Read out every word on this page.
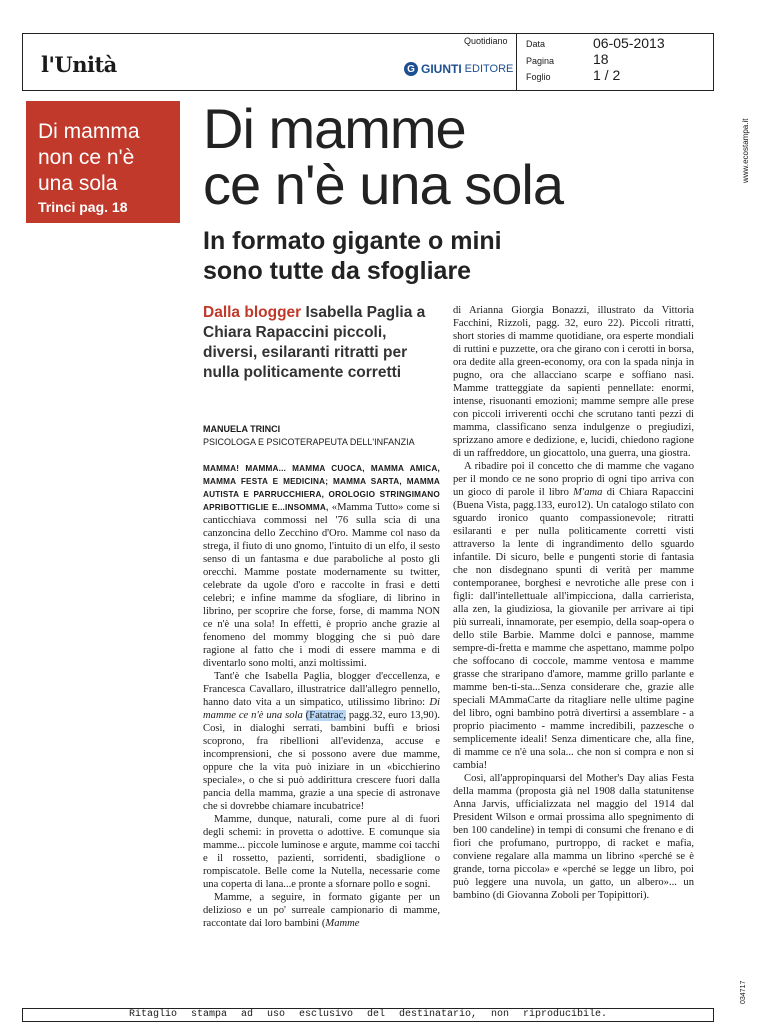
l'Unità
Quotidiano
G GIUNTI EDITORE
Data	06-05-2013
Pagina	18
Foglio	1 / 2
www.ecostampa.it
034717
Di mamma non ce n'è una sola
Trinci pag. 18
Di mamme
ce n'è una sola
In formato gigante o mini
sono tutte da sfogliare
Dalla blogger Isabella Paglia a Chiara Rapaccini piccoli, diversi, esilaranti ritratti per nulla politicamente corretti
MANUELA TRINCI
PSICOLOGA E PSICOTERAPEUTA DELL'INFANZIA

MAMMA! MAMMA... MAMMA CUOCA, MAMMA AMICA, MAMMA FESTA E MEDICINA; MAMMA SARTA, MAMMA AUTISTA E PARRUCCHIERA, OROLOGIO STRINGIMANO APRIBOTTIGLIE E...INSOMMA, «Mamma Tutto» come si canticchiava commossi nel '76 sulla scia di una canzoncina dello Zecchino d'Oro. Mamme col naso da strega, il fiuto di uno gnomo, l'intuito di un elfo, il sesto senso di un fantasma e due paraboliche al posto gli orecchi. Mamme postate modernamente su twitter, celebrate da ugole d'oro e raccolte in frasi e detti celebri; e infine mamme da sfogliare, di librino in librino, per scoprire che forse, forse, di mamma NON ce n'è una sola! In effetti, è proprio anche grazie al fenomeno del mommy blogging che si può dare ragione al fatto che i modi di essere mamma e di diventarlo sono molti, anzi moltissimi.

Tant'è che Isabella Paglia, blogger d'eccellenza, e Francesca Cavallaro, illustratrice dall'allegro pennello, hanno dato vita a un simpatico, utilissimo librino: Di mamme ce n'è una sola (Fatatrac, pagg.32, euro 13,90). Così, in dialoghi serrati, bambini buffi e briosi scoprono, fra ribellioni all'evidenza, accuse e incomprensioni, che si possono avere due mamme, oppure che la vita può iniziare in un «bicchierino speciale», o che si può addirittura crescere fuori dalla pancia della mamma, grazie a una specie di astronave che si dovrebbe chiamare incubatrice!

Mamme, dunque, naturali, come pure al di fuori degli schemi: in provetta o adottive. E comunque sia mamme... piccole luminose e argute, mamme coi tacchi e il rossetto, pazienti, sorridenti, sbadiglione o rompiscatole. Belle come la Nutella, necessarie come una coperta di lana...e pronte a sfornare pollo e sogni.

Mamme, a seguire, in formato gigante per un delizioso e un po' surreale campionario di mamme, raccontate dai loro bambini (Mamme

di Arianna Giorgia Bonazzi, illustrato da Vittoria Facchini, Rizzoli, pagg. 32, euro 22). Piccoli ritratti, short stories di mamme quotidiane, ora esperte mondiali di ruttini e puzzette, ora che girano con i cerotti in borsa, ora dedite alla green-economy, ora con la spada ninja in pugno, ora che allacciano scarpe e soffiano nasi. Mamme tratteggiate da sapienti pennellate: enormi, intense, risuonanti emozioni; mamme sempre alle prese con piccoli irriverenti occhi che scrutano tanti pezzi di mamma, classificano senza indulgenze o pregiudizi, sprizzano amore e dedizione, e, lucidi, chiedono ragione di un raffreddore, un giocattolo, una guerra, una giostra.

A ribadire poi il concetto che di mamme che vagano per il mondo ce ne sono proprio di ogni tipo arriva con un gioco di parole il libro M'ama di Chiara Rapaccini (Buena Vista, pagg.133, euro12). Un catalogo stilato con sguardo ironico quanto compassionevole; ritratti esilaranti e per nulla politicamente corretti visti attraverso la lente di ingrandimento dello sguardo infantile. Di sicuro, belle e pungenti storie di fantasia che non disdegnano spunti di verità per mamme contemporanee, borghesi e nevrotiche alle prese con i figli: dall'intellettuale all'impicciona, dalla carrierista, alla zen, la giudiziosa, la giovanile per arrivare ai tipi più surreali, innamorate, per esempio, della soap-opera o dello stile Barbie. Mamme dolci e pannose, mamme sempre-di-fretta e mamme che aspettano, mamme polpo che soffocano di coccole, mamme ventosa e mamme grasse che straripano d'amore, mamme grillo parlante e mamme ben-ti-sta...Senza considerare che, grazie alle speciali MAmmaCarte da ritagliare nelle ultime pagine del libro, ogni bambino potrà divertirsi a assemblare - a proprio piacimento - mamme incredibili, pazzesche o semplicemente ideali! Senza dimenticare che, alla fine, di mamme ce n'è una sola... che non si compra e non si cambia!

Così, all'appropinquarsi del Mother's Day alias Festa della mamma (proposta già nel 1908 dalla statunitense Anna Jarvis, ufficializzata nel maggio del 1914 dal President Wilson e ormai prossima allo spegnimento di ben 100 candeline) in tempi di consumi che frenano e di fiori che profumano, purtroppo, di racket e mafia, conviene regalare alla mamma un librino «perché se è grande, torna piccola» e «perché se legge un libro, poi può leggere una nuvola, un gatto, un albero»... un bambino (di Giovanna Zoboli per Topipittori).

Ritaglio stampa ad uso esclusivo del destinatario, non riproducibile.
